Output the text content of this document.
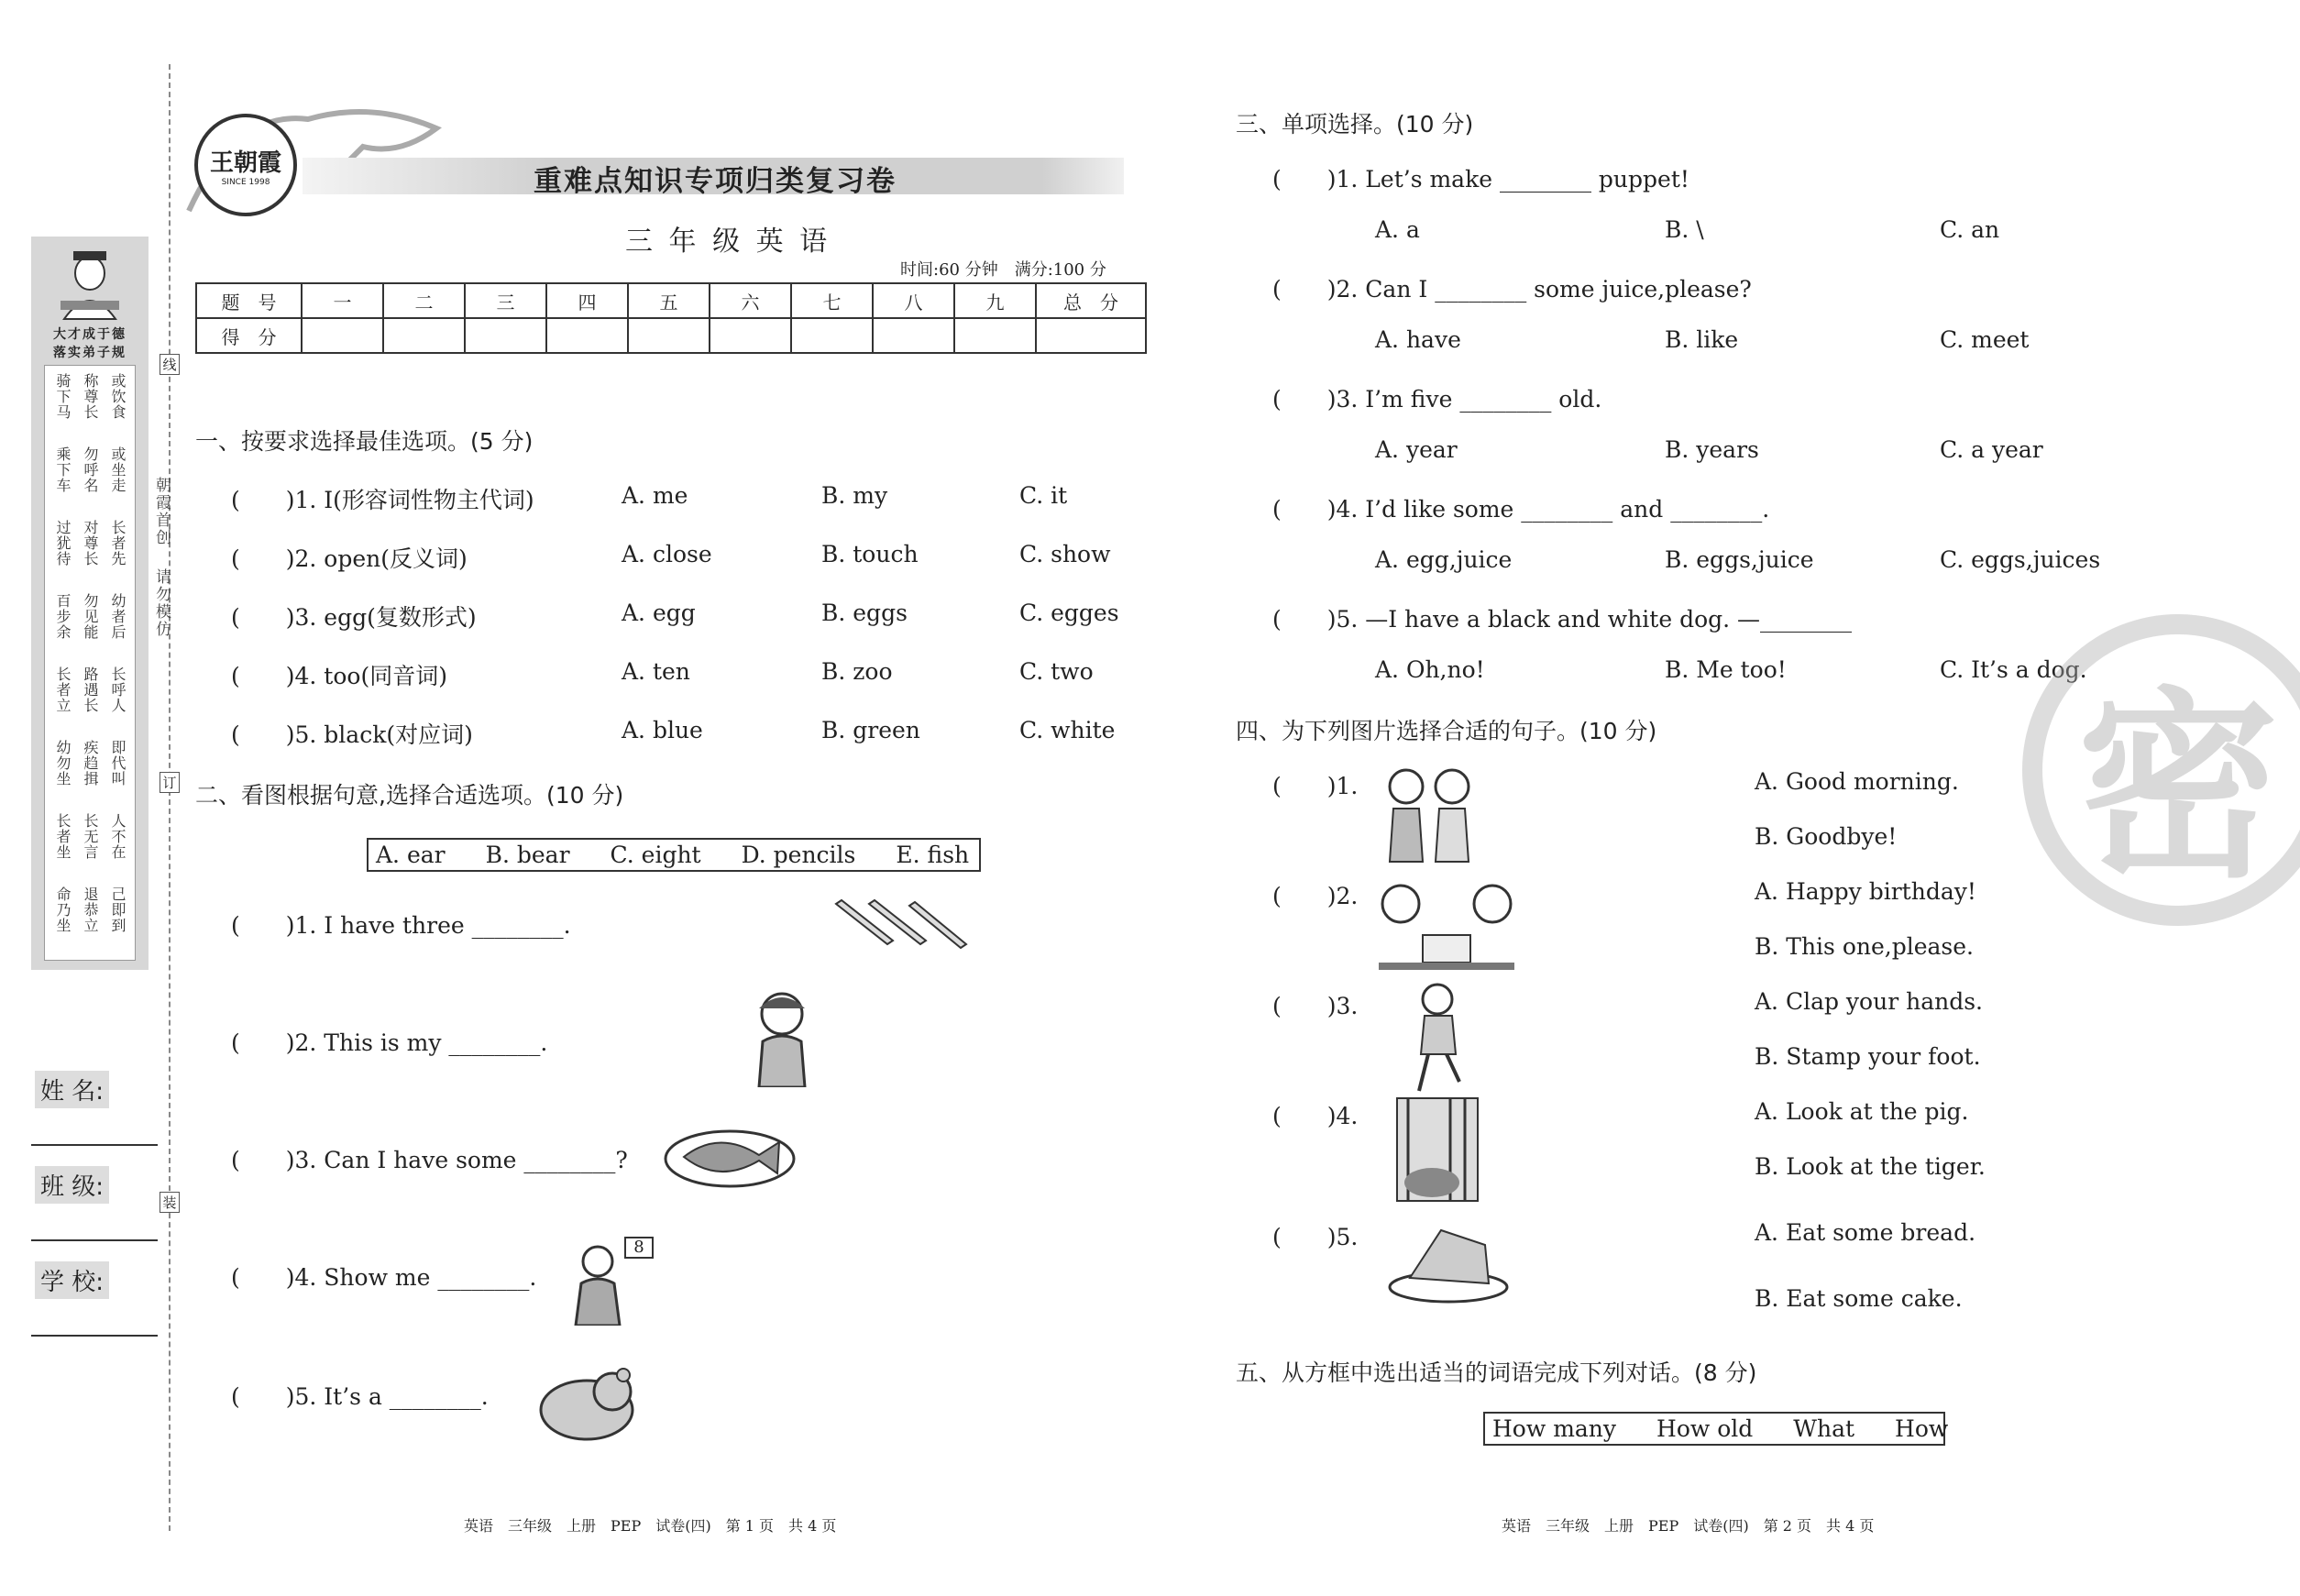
大才成于德
落实弟子规
骑下马 称尊长 或饮食
乘下车 勿呼名 或坐走
过犹待 对尊长 长者先
百步余 勿见能 幼者后
长者立 路遇长 长呼人
幼勿坐 疾趋揖 即代叫
长者坐 长无言 人不在
命乃坐 退恭立 己即到
姓 名:
班 级:
学 校:
朝霞首创
请勿模仿
线
订
装
王朝霞
SINCE 1998	重难点知识专项归类复习卷
三 年 级 英 语
时间:60 分钟　满分:100 分
题　号	一	二	三	四	五	六	七	八	九	总　分
得　分										
一、按要求选择最佳选项。(5 分)
(　　)1. I(形容词性物主代词)	A. me	B. my	C. it
(　　)2. open(反义词)	A. close	B. touch	C. show
(　　)3. egg(复数形式)	A. egg	B. eggs	C. egges
(　　)4. too(同音词)	A. ten	B. zoo	C. two
(　　)5. black(对应词)	A. blue	B. green	C. white
二、看图根据句意,选择合适选项。(10 分)
A. ear B. bear C. eight D. pencils E. fish
(　　)1. I have three ________.
(　　)2. This is my ________.
(　　)3. Can I have some ________?
(　　)4. Show me ________.
(　　)5. It’s a ________.
8
英语　三年级　上册　PEP　试卷(四)　第 1 页　共 4 页
三、单项选择。(10 分)
(　　)1. Let’s make ________ puppet!
A. a	B. \	C. an
(　　)2. Can I ________ some juice,please?
A. have	B. like	C. meet
(　　)3. I’m five ________ old.
A. year	B. years	C. a year
(　　)4. I’d like some ________ and ________.
A. egg,juice	B. eggs,juice	C. eggs,juices
(　　)5. —I have a black and white dog. —________
A. Oh,no!	B. Me too!	C. It’s a dog.
四、为下列图片选择合适的句子。(10 分)
(　　)1.	A. Good morning.
B. Goodbye!
(　　)2.	A. Happy birthday!
B. This one,please.
(　　)3.	A. Clap your hands.
B. Stamp your foot.
(　　)4.	A. Look at the pig.
B. Look at the tiger.
(　　)5.	A. Eat some bread.
B. Eat some cake.
五、从方框中选出适当的词语完成下列对话。(8 分)
How many How old What How
英语　三年级　上册　PEP　试卷(四)　第 2 页　共 4 页
密
